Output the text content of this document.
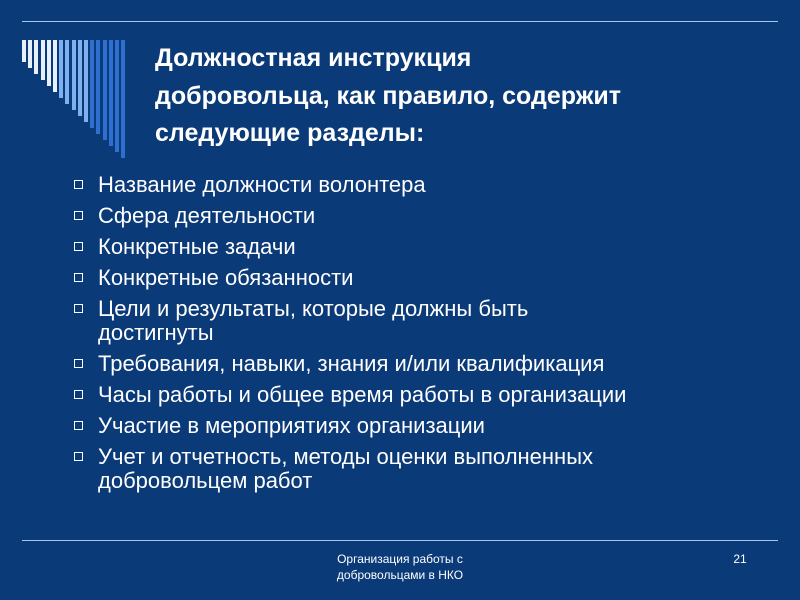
Должностная инструкция
добровольца, как правило, содержит
следующие разделы:
Название должности волонтера
Сфера деятельности
Конкретные задачи
Конкретные обязанности
Цели и результаты, которые должны быть
достигнуты
Требования, навыки, знания и/или квалификация
Часы работы и общее время работы в организации
Участие в мероприятиях организации
Учет и отчетность, методы оценки выполненных
добровольцем работ
Организация работы с
добровольцами в НКО
21
